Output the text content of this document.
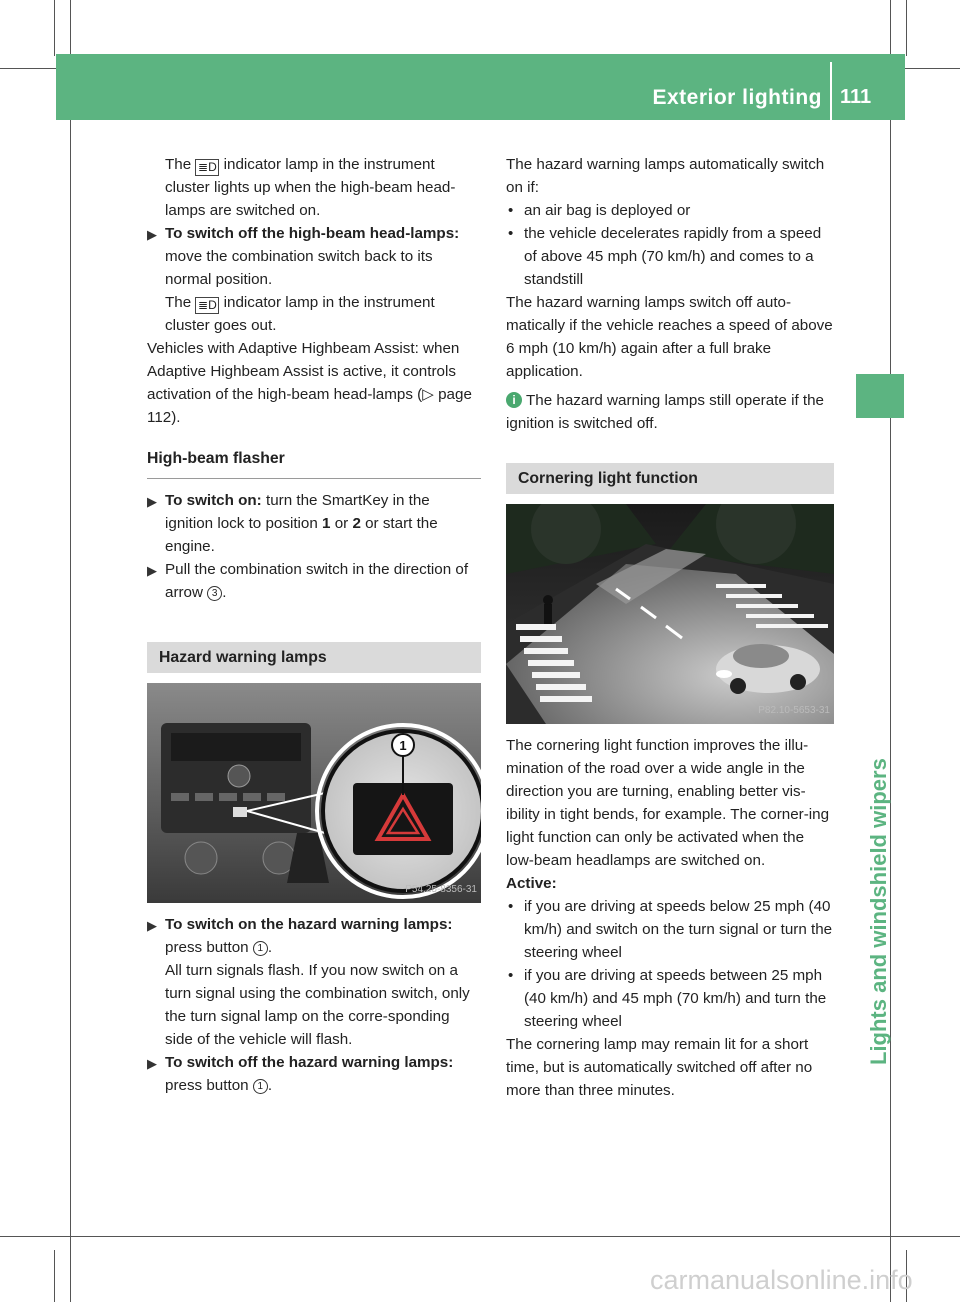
Exterior lighting 111
Lights and windshield wipers

The ≣D indicator lamp in the instrument cluster lights up when the high-beam head-lamps are switched on.

▶ To switch off the high-beam head-lamps: move the combination switch back to its normal position.

The ≣D indicator lamp in the instrument cluster goes out.

Vehicles with Adaptive Highbeam Assist: when Adaptive Highbeam Assist is active, it controls activation of the high-beam head-lamps (▷ page 112).

High-beam flasher

▶ To switch on: turn the SmartKey in the ignition lock to position 1 or 2 or start the engine.

▶ Pull the combination switch in the direction of arrow 3 .

Hazard warning lamps
1
P54.25-8356-31

▶ To switch on the hazard warning lamps:
press button 1 .

All turn signals flash. If you now switch on a turn signal using the combination switch, only the turn signal lamp on the corre-sponding side of the vehicle will flash.

▶ To switch off the hazard warning lamps:
press button 1 .

The hazard warning lamps automatically switch on if:

• an air bag is deployed or

• the vehicle decelerates rapidly from a speed of above 45 mph (70 km/h) and comes to a standstill

The hazard warning lamps switch off auto-matically if the vehicle reaches a speed of above 6 mph (10 km/h) again after a full brake application.

i The hazard warning lamps still operate if the ignition is switched off.

Cornering light function
P82.10-5653-31

The cornering light function improves the illu-mination of the road over a wide angle in the direction you are turning, enabling better vis-ibility in tight bends, for example. The corner-ing light function can only be activated when the low-beam headlamps are switched on.

Active:

• if you are driving at speeds below 25 mph (40 km/h) and switch on the turn signal or turn the steering wheel

• if you are driving at speeds between 25 mph (40 km/h) and 45 mph (70 km/h) and turn the steering wheel

The cornering lamp may remain lit for a short time, but is automatically switched off after no more than three minutes.

carmanualsonline.info
